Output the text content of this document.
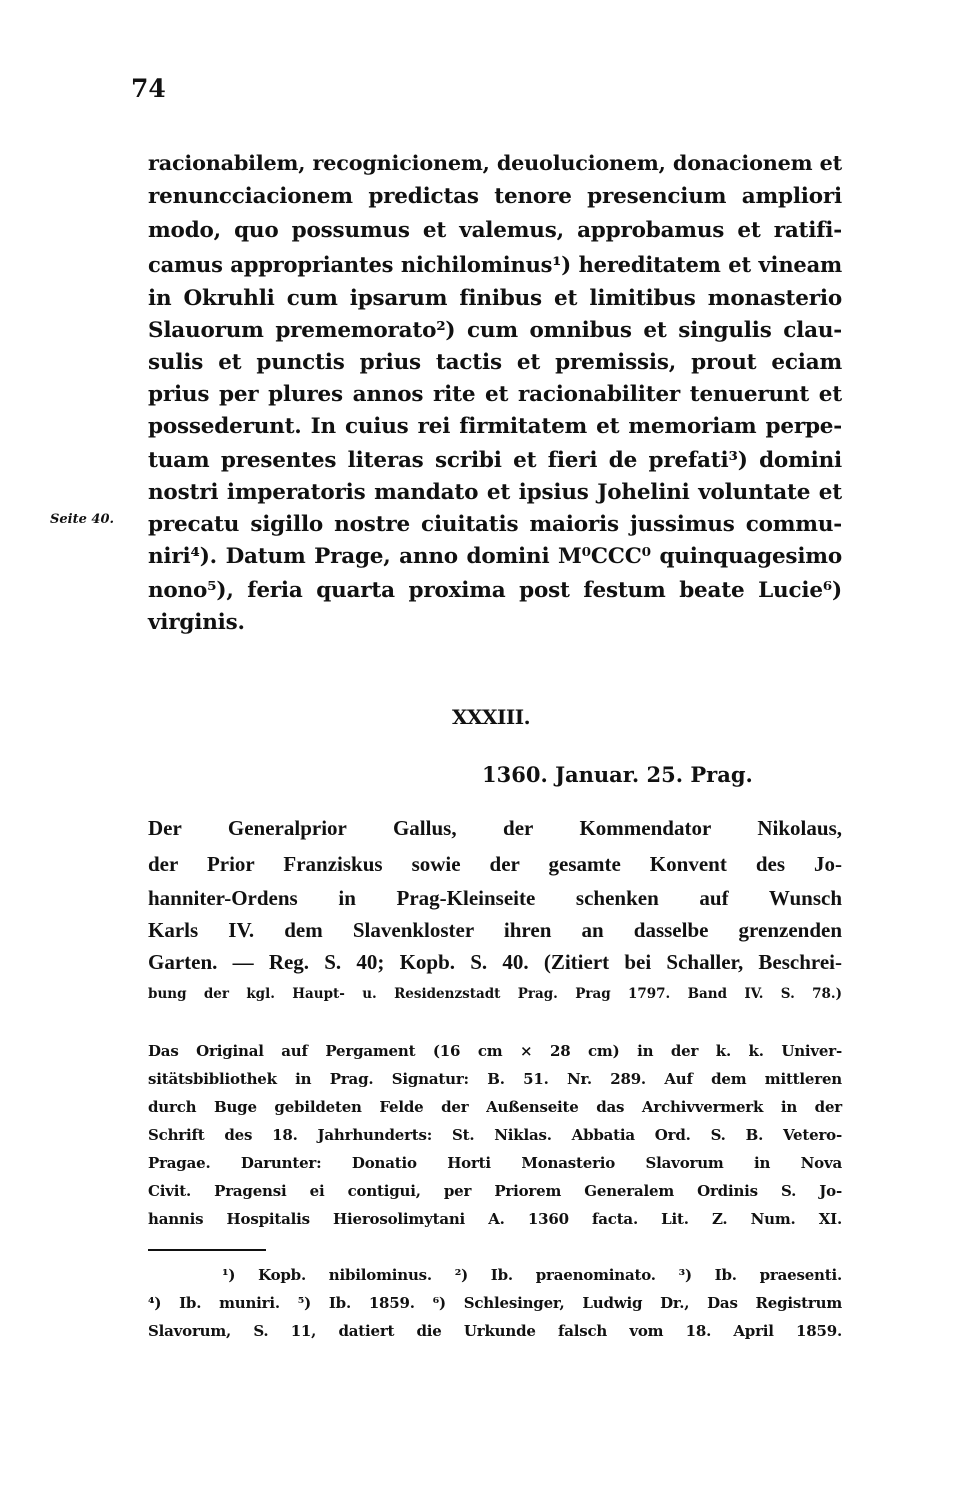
74
racionabilem, recognicionem, deuolucionem, donacionem et
renuncciacionem predictas tenore presencium ampliori
modo, quo possumus et valemus, approbamus et ratifi-
camus appropriantes nichilominus¹) hereditatem et vineam
in Okruhli cum ipsarum finibus et limitibus monasterio
Slauorum prememorato²) cum omnibus et singulis clau-
sulis et punctis prius tactis et premissis, prout eciam
prius per plures annos rite et racionabiliter tenuerunt et
possederunt. In cuius rei firmitatem et memoriam perpe-
tuam presentes literas scribi et fieri de prefati³) domini
nostri imperatoris mandato et ipsius Johelini voluntate et
precatu sigillo nostre ciuitatis maioris jussimus commu-
niri⁴). Datum Prage, anno domini M⁰CCC⁰ quinquagesimo
nono⁵), feria quarta proxima post festum beate Lucie⁶)
virginis.
Seite 40.
XXXIII.
1360. Januar. 25. Prag.
Der Generalprior Gallus, der Kommendator Nikolaus,
der Prior Franziskus sowie der gesamte Konvent des Jo-
hanniter-Ordens in Prag-Kleinseite schenken auf Wunsch
Karls IV. dem Slavenkloster ihren an dasselbe grenzenden
Garten. — Reg. S. 40; Kopb. S. 40. (Zitiert bei Schaller, Beschrei-
bung der kgl. Haupt- u. Residenzstadt Prag. Prag 1797. Band IV. S. 78.)
Das Original auf Pergament (16 cm × 28 cm) in der k. k. Univer-
sitätsbibliothek in Prag. Signatur: B. 51. Nr. 289. Auf dem mittleren
durch Buge gebildeten Felde der Außenseite das Archivvermerk in der
Schrift des 18. Jahrhunderts: St. Niklas. Abbatia Ord. S. B. Vetero-
Pragae. Darunter: Donatio Horti Monasterio Slavorum in Nova
Civit. Pragensi ei contigui, per Priorem Generalem Ordinis S. Jo-
hannis Hospitalis Hierosolimytani A. 1360 facta. Lit. Z. Num. XI.
¹) Kopb. nibilominus. ²) Ib. praenominato. ³) Ib. praesenti.
⁴) Ib. muniri. ⁵) Ib. 1859. ⁶) Schlesinger, Ludwig Dr., Das Registrum
Slavorum, S. 11, datiert die Urkunde falsch vom 18. April 1859.
